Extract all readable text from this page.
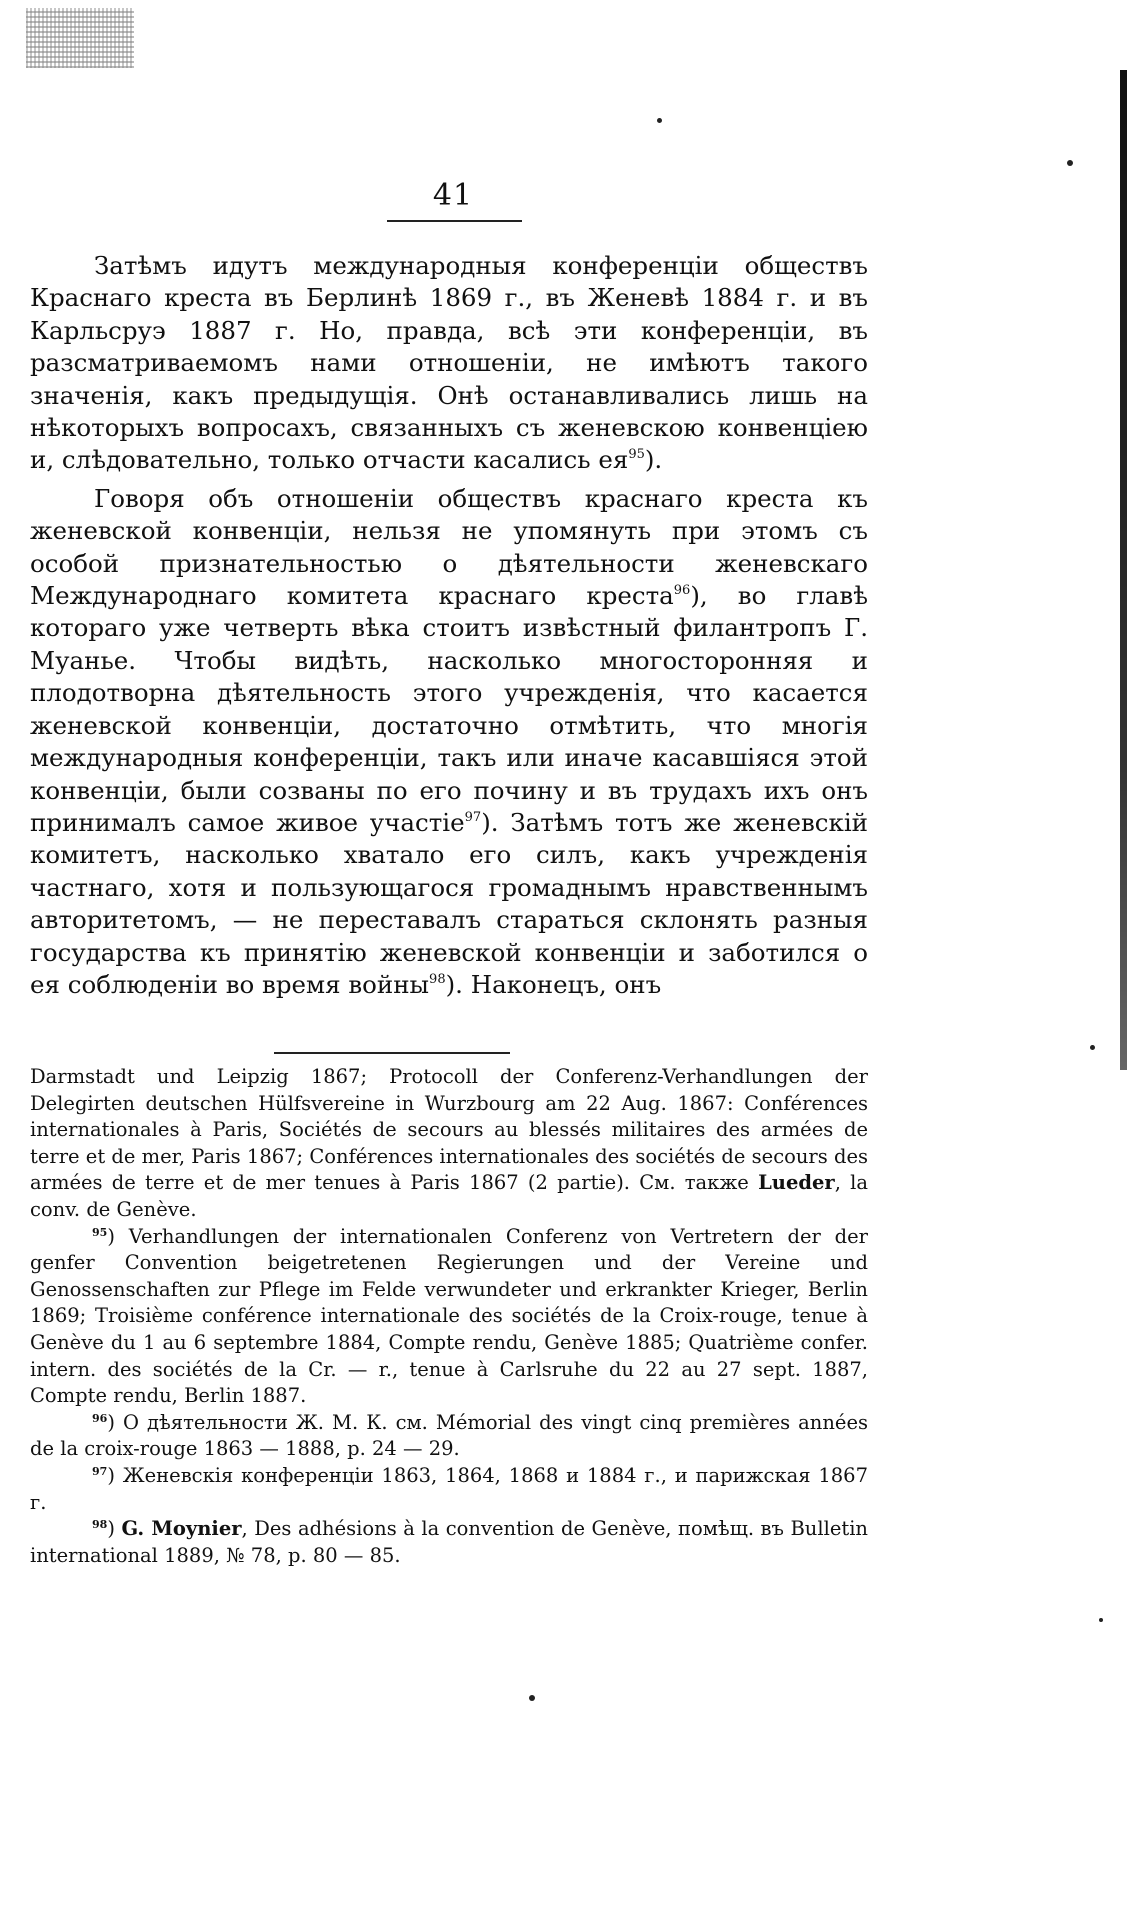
41

Затѣмъ идутъ международныя конференціи обществъ Краснаго креста въ Берлинѣ 1869 г., въ Женевѣ 1884 г. и въ Карльсруэ 1887 г. Но, правда, всѣ эти конференціи, въ разсматриваемомъ нами отношеніи, не имѣютъ такого значенія, какъ предыдущія. Онѣ останавливались лишь на нѣкоторыхъ вопросахъ, связанныхъ съ женевскою конвенціею и, слѣдовательно, только отчасти касались $ея^{95}$).

Говоря объ отношеніи обществъ краснаго креста къ женевской конвенціи, нельзя не упомянуть при этомъ съ особой признательностью о дѣятельности женевскаго Международнаго комитета краснаго креста$^{96}$), во главѣ котораго уже четверть вѣка стоитъ извѣстный филантропъ Г. Муанье. Чтобы видѣть, насколько многосторонняя и плодотворна дѣятельность этого учрежденія, что касается женевской конвенціи, достаточно отмѣтить, что многія международныя конференціи, такъ или иначе касавшіяся этой конвенціи, были созваны по его почину и въ трудахъ ихъ онъ принималъ самое живое участіе$^{97}$). Затѣмъ тотъ же женевскій комитетъ, насколько хватало его силъ, какъ учрежденія частнаго, хотя и пользующагося громаднымъ нравственнымъ авторитетомъ, — не переставалъ стараться склонять разныя государства къ принятію женевской конвенціи и заботился о ея соблюденіи во время войны$^{98}$). Наконецъ, онъ

Darmstadt und Leipzig 1867; Protocoll der Conferenz-Verhandlungen der Delegirten deutschen Hülfsvereine in Wurzbourg am 22 Aug. 1867: Conférences internationales à Paris, Sociétés de secours au blessés militaires des armées de terre et de mer, Paris 1867; Conférences internationales des sociétés de secours des armées de terre et de mer tenues à Paris 1867 (2 partie). См. также Lueder, la conv. de Genève.

$^{95}$) Verhandlungen der internationalen Conferenz von Vertretern der der genfer Convention beigetretenen Regierungen und der Vereine und Genossenschaften zur Pflege im Felde verwundeter und erkrankter Krieger, Berlin 1869; Troisième conférence internationale des sociétés de la Croix-rouge, tenue à Genève du 1 au 6 septembre 1884, Compte rendu, Genève 1885; Quatrième confer. intern. des sociétés de la Cr. — r., tenue à Carlsruhe du 22 au 27 sept. 1887, Compte rendu, Berlin 1887.

$^{96}$) О дѣятельности Ж. М. К. см. Mémorial des vingt cinq premières années de la croix-rouge 1863 — 1888, p. 24 — 29.

$^{97}$) Женевскія конференціи 1863, 1864, 1868 и 1884 г., и парижская 1867 г.

$^{98}$) G. Moynier, Des adhésions à la convention de Genève, помѣщ. въ Bulletin international 1889, № 78, p. 80 — 85.
